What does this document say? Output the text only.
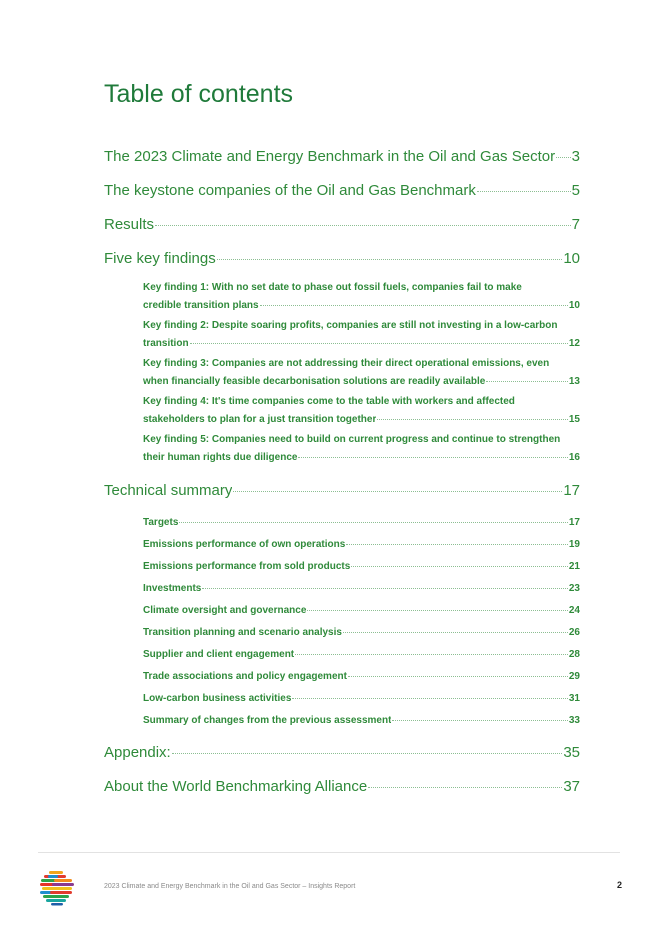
Table of contents
The 2023 Climate and Energy Benchmark in the Oil and Gas Sector 3
The keystone companies of the Oil and Gas Benchmark	5
Results	7
Five key findings	10
Key finding 1: With no set date to phase out fossil fuels, companies fail to make
credible transition plans	10
Key finding 2: Despite soaring profits, companies are still not investing in a low-carbon
transition	12
Key finding 3: Companies are not addressing their direct operational emissions, even
when financially feasible decarbonisation solutions are readily available	13
Key finding 4: It's time companies come to the table with workers and affected
stakeholders to plan for a just transition together	15
Key finding 5: Companies need to build on current progress and continue to strengthen
their human rights due diligence	16
Technical summary	17
Targets	17
Emissions performance of own operations	19
Emissions performance from sold products	21
Investments	23
Climate oversight and governance	24
Transition planning and scenario analysis	26
Supplier and client engagement	28
Trade associations and policy engagement	29
Low-carbon business activities	31
Summary of changes from the previous assessment	33
Appendix:	35
About the World Benchmarking Alliance	37
2023 Climate and Energy Benchmark in the Oil and Gas Sector – Insights Report	2
